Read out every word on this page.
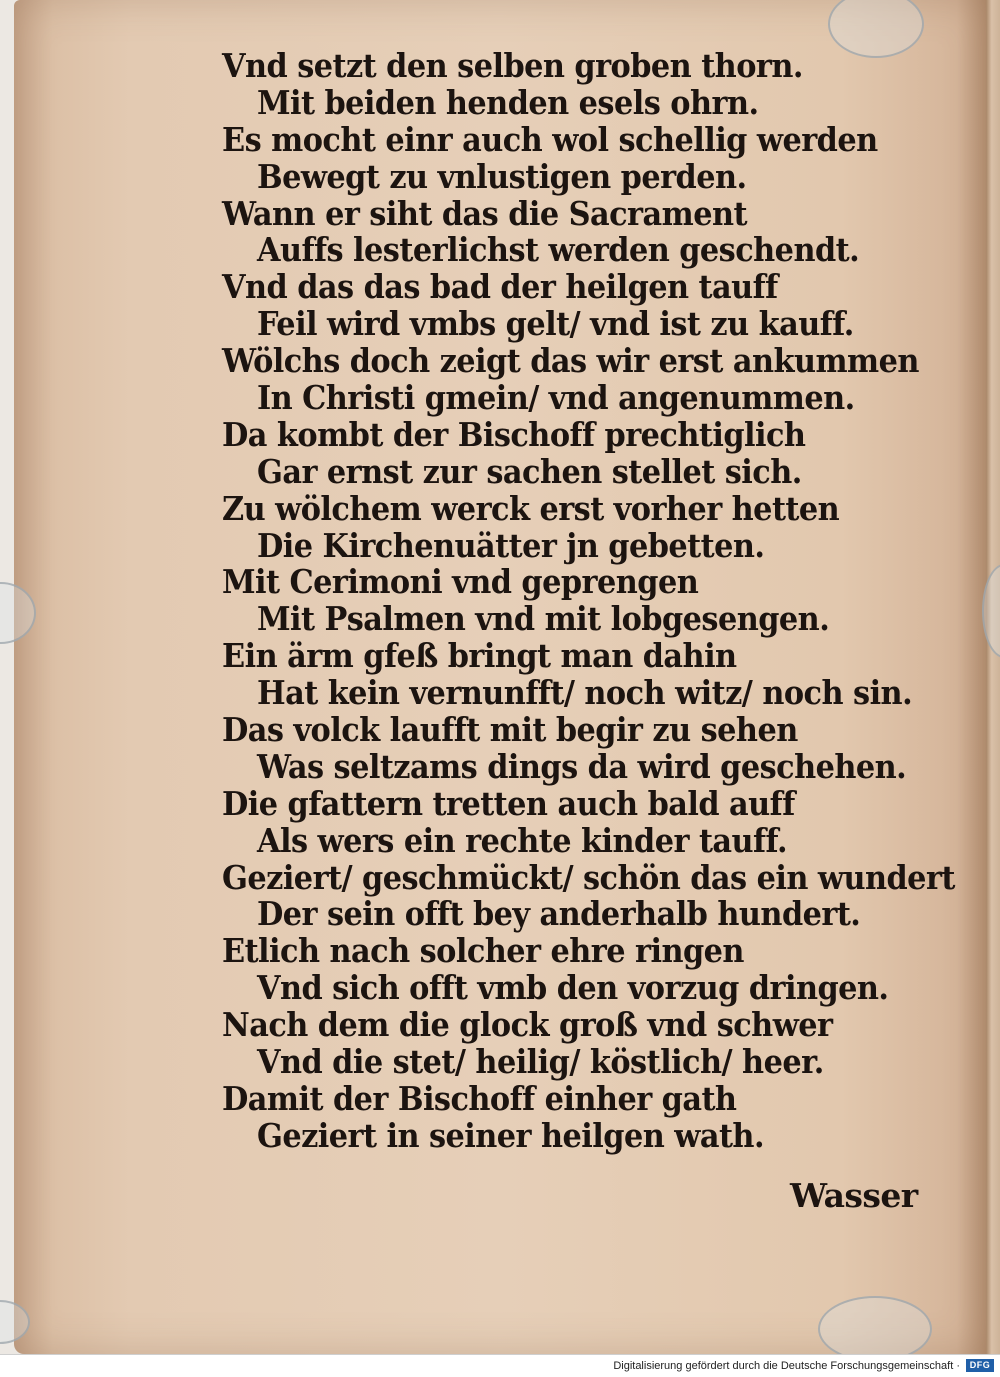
Vnd setzt den selben groben thorn.
Mit beiden henden esels ohrn.
Es mocht einr auch wol schellig werden
Bewegt zu vnlustigen perden.
Wann er siht das die Sacrament
Auffs lesterlichst werden geschendt.
Vnd das das bad der heilgen tauff
Feil wird vmbs gelt/ vnd ist zu kauff.
Wölchs doch zeigt das wir erst ankummen
In Christi gmein/ vnd angenummen.
Da kombt der Bischoff prechtiglich
Gar ernst zur sachen stellet sich.
Zu wölchem werck erst vorher hetten
Die Kirchenuätter jn gebetten.
Mit Cerimoni vnd geprengen
Mit Psalmen vnd mit lobgesengen.
Ein ärm gfeß bringt man dahin
Hat kein vernunfft/ noch witz/ noch sin.
Das volck laufft mit begir zu sehen
Was seltzams dings da wird geschehen.
Die gfattern tretten auch bald auff
Als wers ein rechte kinder tauff.
Geziert/ geschmückt/ schön das ein wundert
Der sein offt bey anderhalb hundert.
Etlich nach solcher ehre ringen
Vnd sich offt vmb den vorzug dringen.
Nach dem die glock groß vnd schwer
Vnd die stet/ heilig/ köstlich/ heer.
Damit der Bischoff einher gath
Geziert in seiner heilgen wath.
Wasser
Digitalisierung gefördert durch die Deutsche Forschungsgemeinschaft ·	DFG
